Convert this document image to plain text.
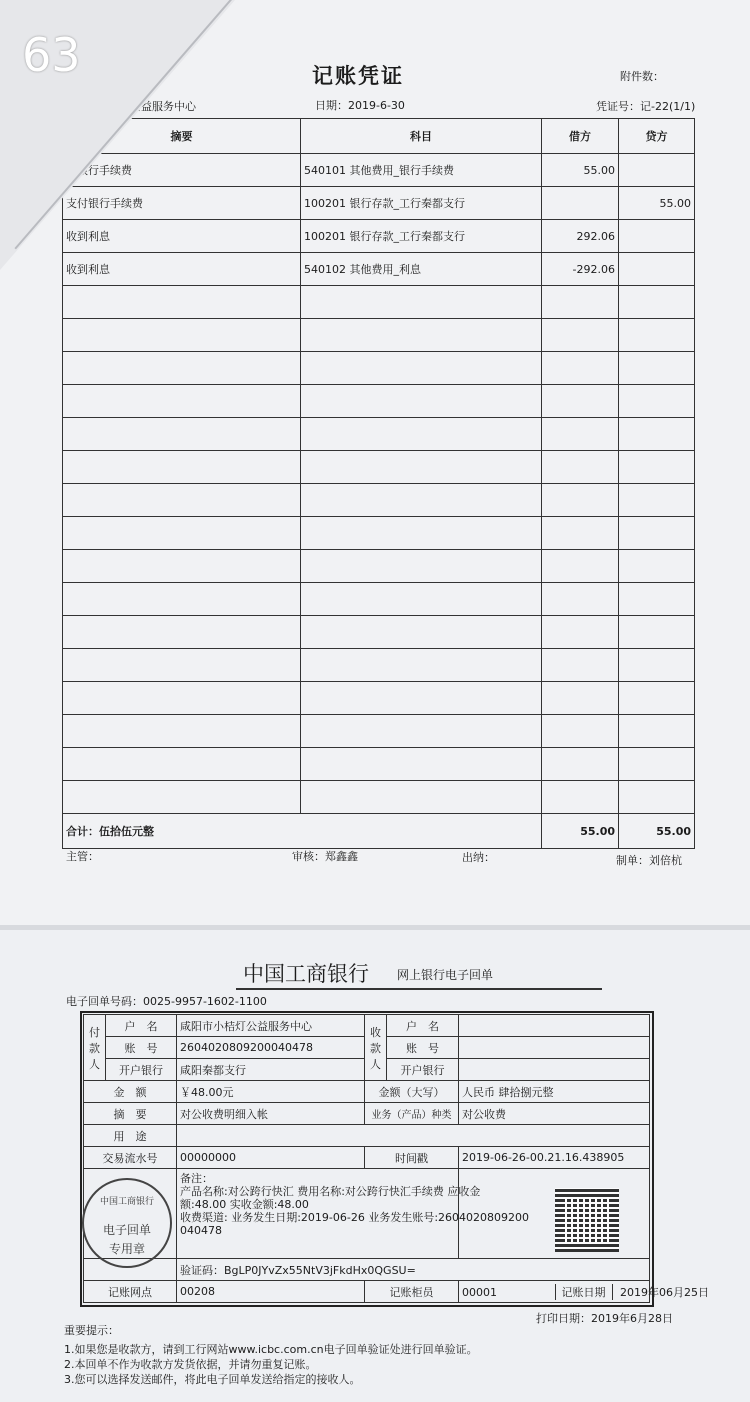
记账凭证	附件数：
公益服务中心	日期：2019-6-30	凭证号：记-22(1/1)
摘要	科目	借方	贷方
付银行手续费	540101 其他费用_银行手续费	55.00	
支付银行手续费	100201 银行存款_工行秦都支行		55.00
收到利息	100201 银行存款_工行秦都支行	292.06	
收到利息	540102 其他费用_利息	-292.06	

合计：伍拾伍元整		55.00	55.00
主管：	审核：郑鑫鑫	出纳：	制单：刘倍杭
中国工商银行 网上银行电子回单
电子回单号码：0025-9957-1602-1100
付款人	户　名	咸阳市小桔灯公益服务中心	收款人	户　名	
	账　号	2604020809200040478		账　号	
	开户银行	咸阳秦都支行		开户银行	
金　额		￥48.00元	金额（大写）		人民币 肆拾捌元整
摘　要		对公收费明细入帐	业务（产品）种类		对公收费
用　途					
交易流水号		00000000	时间戳		2019-06-26-00.21.16.438905

		备注：
产品名称:对公跨行快汇 费用名称:对公跨行快汇手续费 应收金
额:48.00 实收金额:48.00
收费渠道: 业务发生日期:2019-06-26 业务发生账号:2604020809200
040478			

		验证码：BgLP0JYvZx55NtV3jFkdHx0QGSU=			
记账网点		00208	记账柜员		00001 记账日期 2019年06月25日
中国工商银行
电子回单
专用章
打印日期：2019年6月28日
重要提示：
1.如果您是收款方，请到工行网站www.icbc.com.cn电子回单验证处进行回单验证。
2.本回单不作为收款方发货依据，并请勿重复记账。
3.您可以选择发送邮件，将此电子回单发送给指定的接收人。
63
